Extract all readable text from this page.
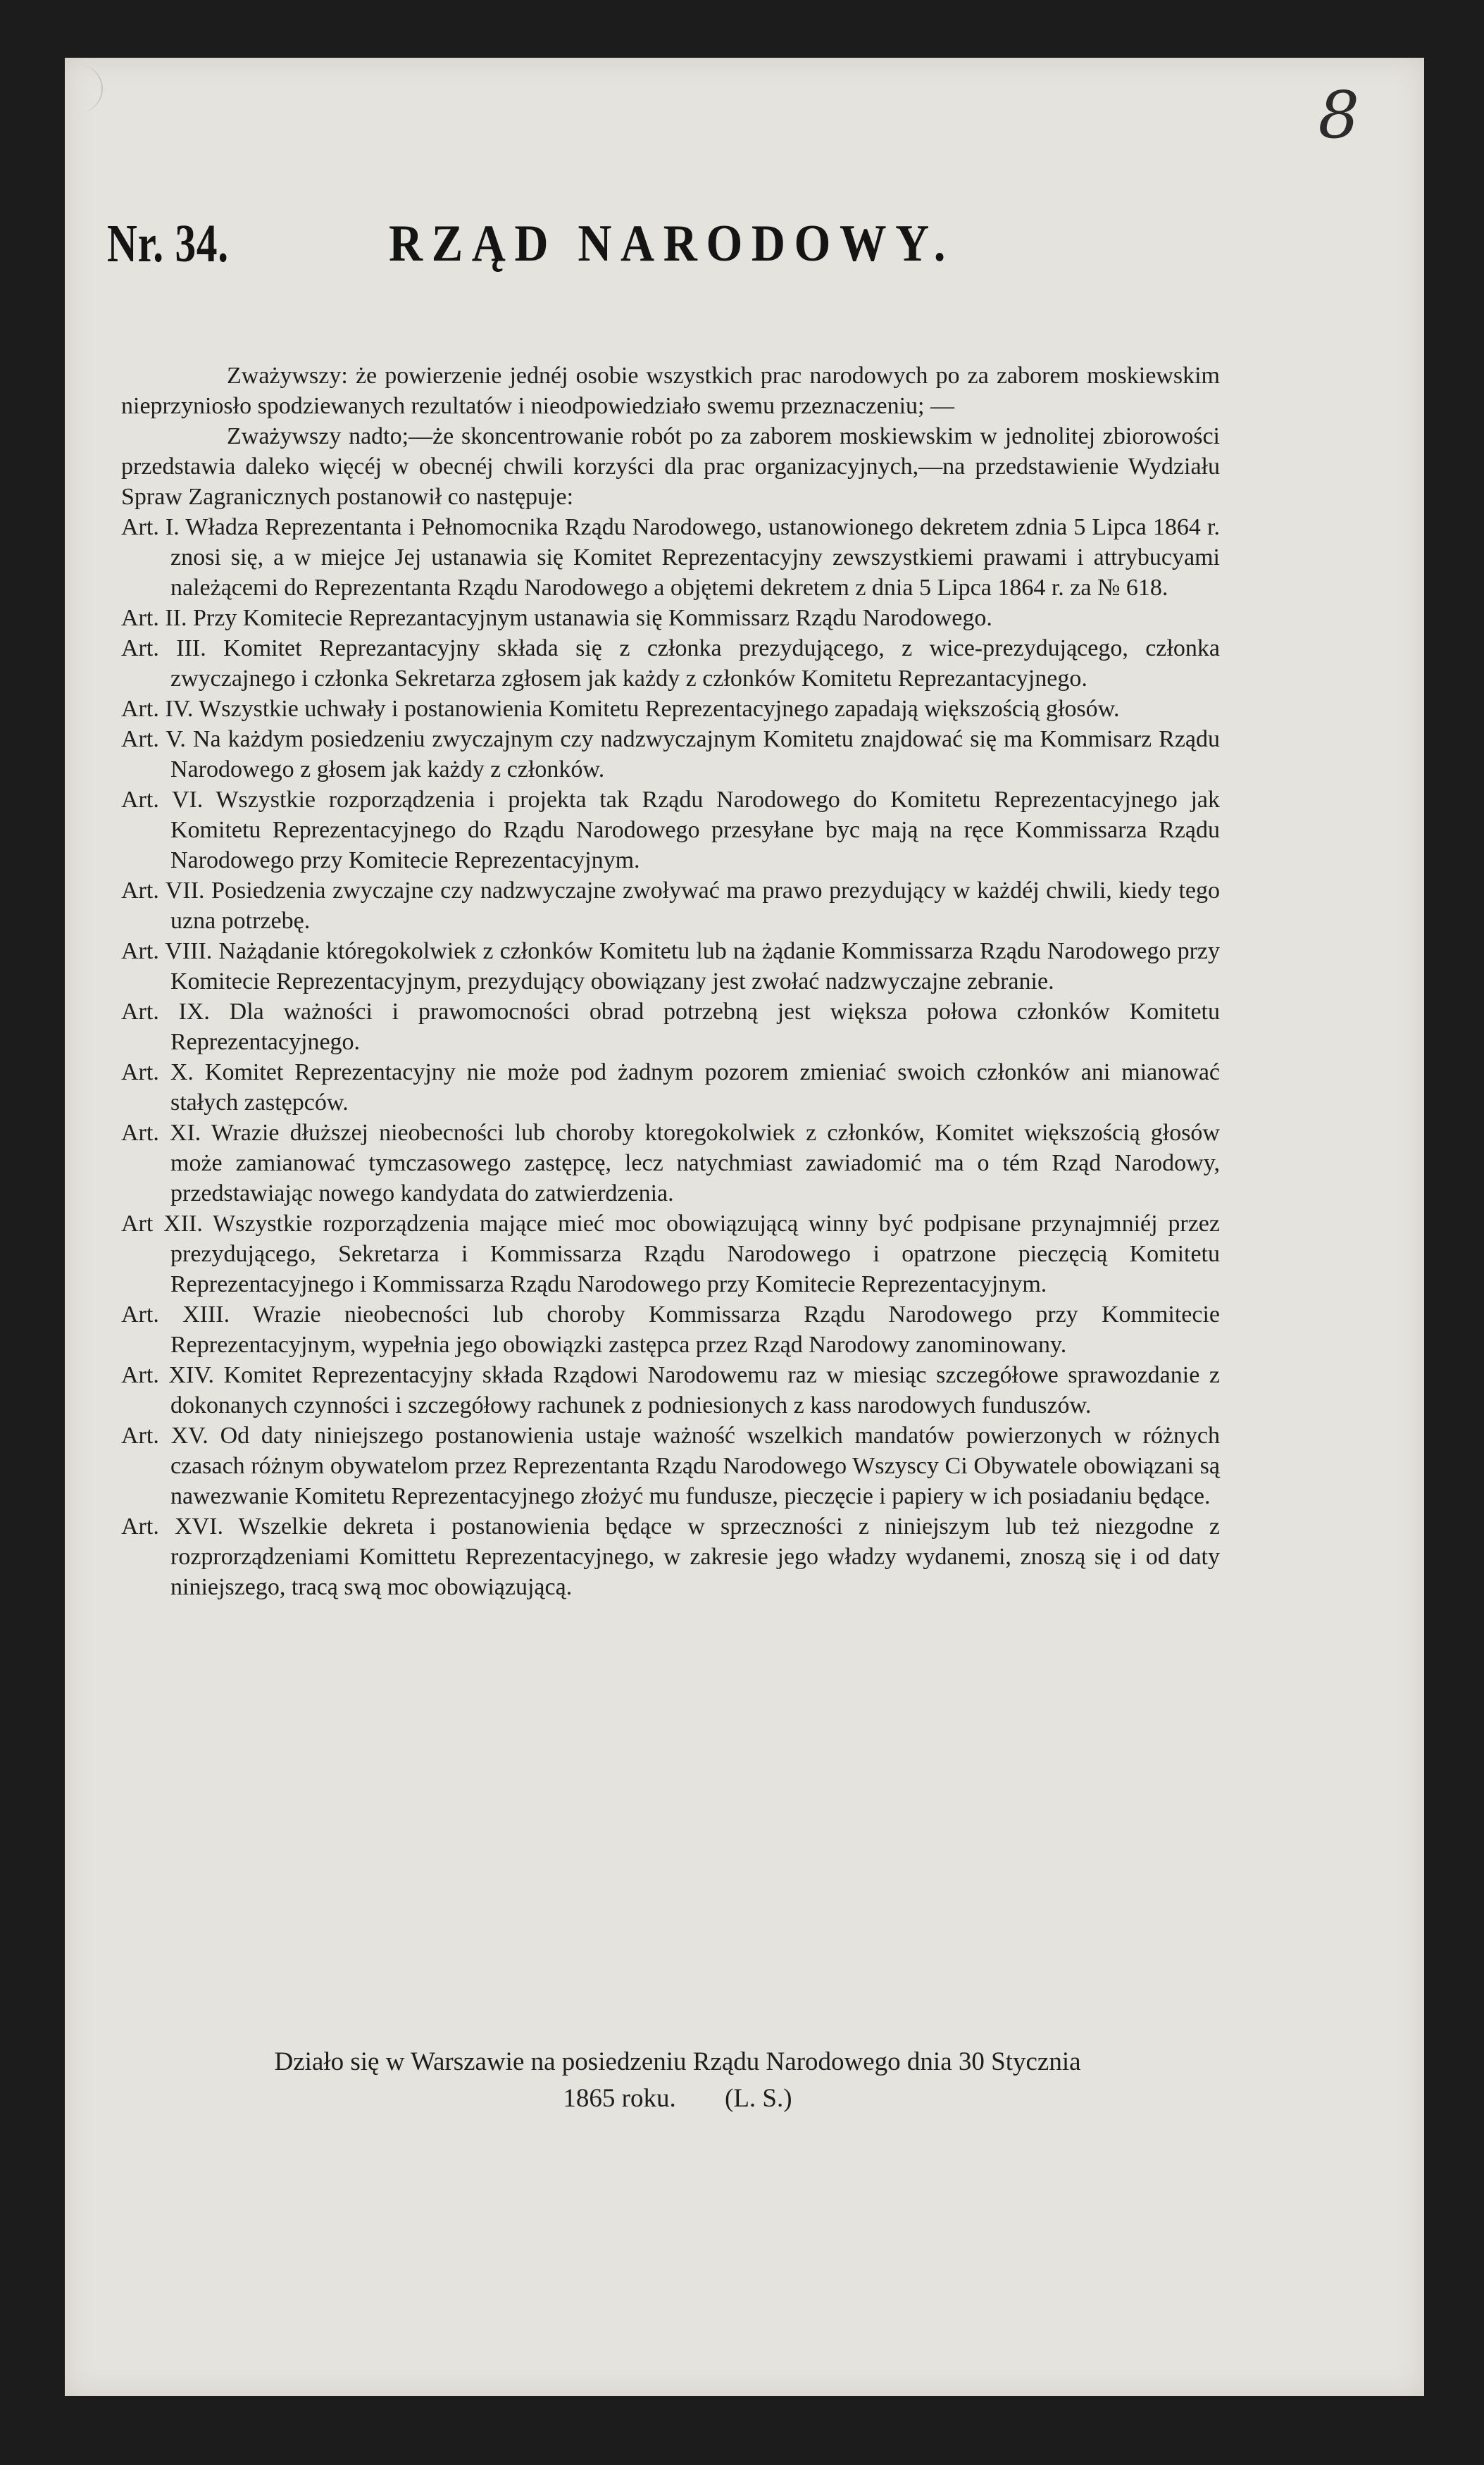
8
Nr. 34.	RZĄD NARODOWY.

Zważywszy: że powierzenie jednéj osobie wszystkich prac narodowych po za zaborem moskiewskim nieprzyniosło spodziewanych rezultatów i nieodpowiedziało swemu przeznaczeniu; —

Zważywszy nadto;—że skoncentrowanie robót po za zaborem moskiewskim w jednolitej zbiorowości przedstawia daleko więcéj w obecnéj chwili korzyści dla prac organizacyjnych,—na przedstawienie Wydziału Spraw Zagranicznych postanowił co następuje:

Art. I. Władza Reprezentanta i Pełnomocnika Rządu Narodowego, ustanowionego dekretem zdnia 5 Lipca 1864 r. znosi się, a w miejce Jej ustanawia się Komitet Reprezentacyjny zewszystkiemi prawami i attrybucyami należącemi do Reprezentanta Rządu Narodowego a objętemi dekretem z dnia 5 Lipca 1864 r. za № 618.

Art. II. Przy Komitecie Reprezantacyjnym ustanawia się Kommissarz Rządu Narodowego.

Art. III. Komitet Reprezantacyjny składa się z członka prezydującego, z wice-prezydującego, członka zwyczajnego i członka Sekretarza zgłosem jak każdy z członków Komitetu Reprezantacyjnego.

Art. IV. Wszystkie uchwały i postanowienia Komitetu Reprezentacyjnego zapadają większością głosów.

Art. V. Na każdym posiedzeniu zwyczajnym czy nadzwyczajnym Komitetu znajdować się ma Kommisarz Rządu Narodowego z głosem jak każdy z członków.

Art. VI. Wszystkie rozporządzenia i projekta tak Rządu Narodowego do Komitetu Reprezentacyjnego jak Komitetu Reprezentacyjnego do Rządu Narodowego przesyłane byc mają na ręce Kommissarza Rządu Narodowego przy Komitecie Reprezentacyjnym.

Art. VII. Posiedzenia zwyczajne czy nadzwyczajne zwoływać ma prawo prezydujący w każdéj chwili, kiedy tego uzna potrzebę.

Art. VIII. Nażądanie któregokolwiek z członków Komitetu lub na żądanie Kommissarza Rządu Narodowego przy Komitecie Reprezentacyjnym, prezydujący obowiązany jest zwołać nadzwyczajne zebranie.

Art. IX. Dla ważności i prawomocności obrad potrzebną jest większa połowa członków Komitetu Reprezentacyjnego.

Art. X. Komitet Reprezentacyjny nie może pod żadnym pozorem zmieniać swoich członków ani mianować stałych zastępców.

Art. XI. Wrazie dłuższej nieobecności lub choroby ktoregokolwiek z członków, Komitet większością głosów może zamianować tymczasowego zastępcę, lecz natychmiast zawiadomić ma o tém Rząd Narodowy, przedstawiając nowego kandydata do zatwierdzenia.

Art XII. Wszystkie rozporządzenia mające mieć moc obowiązującą winny być podpisane przynajmniéj przez prezydującego, Sekretarza i Kommissarza Rządu Narodowego i opatrzone pieczęcią Komitetu Reprezentacyjnego i Kommissarza Rządu Narodowego przy Komitecie Reprezentacyjnym.

Art. XIII. Wrazie nieobecności lub choroby Kommissarza Rządu Narodowego przy Kommitecie Reprezentacyjnym, wypełnia jego obowiązki zastępca przez Rząd Narodowy zanominowany.

Art. XIV. Komitet Reprezentacyjny składa Rządowi Narodowemu raz w miesiąc szczegółowe sprawozdanie z dokonanych czynności i szczegółowy rachunek z podniesionych z kass narodowych funduszów.

Art. XV. Od daty niniejszego postanowienia ustaje ważność wszelkich mandatów powierzonych w różnych czasach różnym obywatelom przez Reprezentanta Rządu Narodowego Wszyscy Ci Obywatele obowiązani są nawezwanie Komitetu Reprezentacyjnego złożyć mu fundusze, pieczęcie i papiery w ich posiadaniu będące.

Art. XVI. Wszelkie dekreta i postanowienia będące w sprzeczności z niniejszym lub też niezgodne z rozprorządzeniami Komittetu Reprezentacyjnego, w zakresie jego władzy wydanemi, znoszą się i od daty niniejszego, tracą swą moc obowiązującą.

Działo się w Warszawie na posiedzeniu Rządu Narodowego dnia 30 Stycznia
1865 roku. (L. S.)
